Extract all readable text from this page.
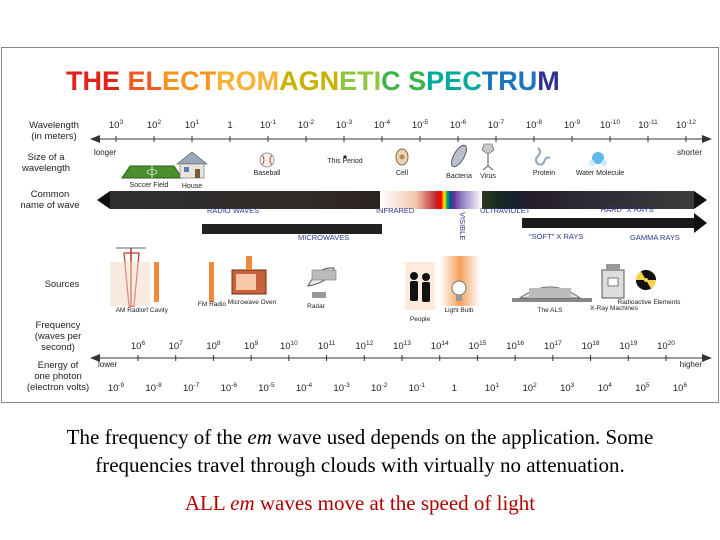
THE ELECTROMAGNETIC SPECTRUM
Wavelength (in meters)
Size of a wavelength
Common name of wave
Sources
Frequency (waves per second)
Energy of one photon (electron volts)
$10^3$	$10^2$	$10^1$	1	$10^{-1}$ $10^{-2}$ $10^{-3}$ $10^{-4}$ $10^{-5}$ $10^{-6}$ $10^{-7}$ $10^{-8}$ $10^{-9}$ $10^{-10}$ $10^{-11}$ $10^{-12}$
longer	shorter
Soccer Field House
Baseball
This Period
Cell	Bacteria Virus	Protein	Water Molecule
RADIO WAVES	INFRARED	ULTRAVIOLET	"HARD" X RAYS
MICROWAVES	"SOFT" X RAYS	GAMMA RAYS
VISIBLE
AM Radio rf Cavity
FM Radio Microwave Oven
Radar
People
Light Bulb	The ALS	X-Ray Machines
Radioactive Elements
$10^6$ $10^7$ $10^8$ $10^9$ $10^{10}$ $10^{11}$ $10^{12}$ $10^{13}$ $10^{14}$ $10^{15}$ $10^{16}$ $10^{17}$ $10^{18}$ $10^{19}$ $10^{20}$
lower	higher
$10^{-9}$ $10^{-8}$ $10^{-7}$ $10^{-6}$ $10^{-5}$ $10^{-4}$ $10^{-3}$ $10^{-2}$ $10^{-1}$	1	$10^1$ $10^2$ $10^3$ $10^4$ $10^5$ $10^6$
The frequency of the em wave used depends on the application. Some
frequencies travel through clouds with virtually no attenuation.
ALL em waves move at the speed of light
